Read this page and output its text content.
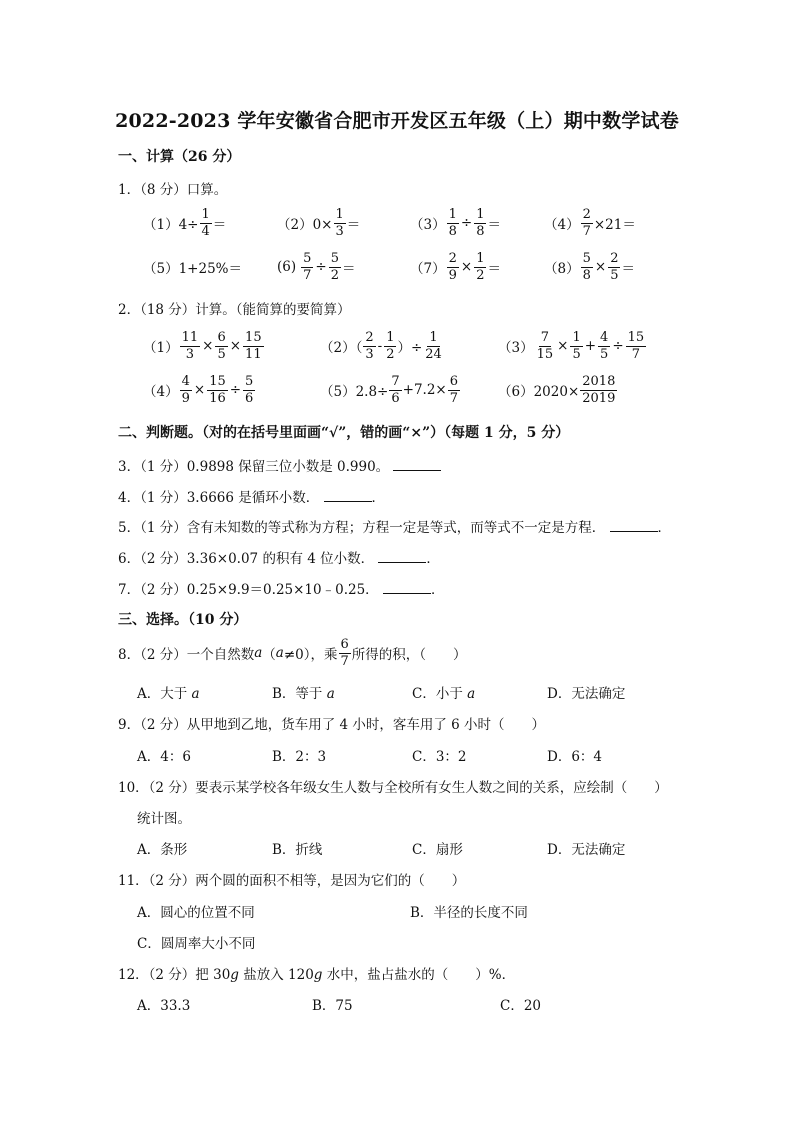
2022-2023 学年安徽省合肥市开发区五年级（上）期中数学试卷
一、计算（26 分）
1．（8 分）口算。
$(1)4\div \frac{1}{4}$ ＝	$(2)0\times \frac{1}{3}$ ＝	$(3) \frac{1}{8} \div \frac{1}{8}$ ＝	$(4) \frac{2}{7} \times 21=$
（5）1+25%＝	$(6) \frac{5}{7} \div \frac{5}{2}$ ＝	$(7) \frac{2}{9} \times \frac{1}{2}$ ＝	$(8) \frac{5}{8} \times \frac{2}{5}$ ＝
2．（18 分）计算。（能简算的要简算）
$(1) \frac{11}{3} \times \frac{6}{5} \times \frac{15}{11}$	$(2)( \frac{2}{3} - \frac{1}{2}$ ）÷ $\frac{1}{24}$	$(3) \frac{7}{15} \times \frac{1}{5} + \frac{4}{5} \div \frac{15}{7}$
$(4) \frac{4}{9} \times \frac{15}{16} \div \frac{5}{6}$	$(5)2.8\div \frac{7}{6} +7.2\times \frac{6}{7}$	$(6)2020\times \frac{2018}{2019}$
二、判断题。（对的在括号里面画“√”，错的画“×”）（每题 1 分，5 分）
3．（1 分）0.9898 保留三位小数是 0.990。
4．（1 分）3.6666 是循环小数．	．
5．（1 分）含有未知数的等式称为方程；方程一定是等式，而等式不一定是方程．	．
6．（2 分）3.36×0.07 的积有 4 位小数．	．
7．（2 分）0.25×9.9＝0.25×10﹣0.25．	．
三、选择。（10 分）
8．（2 分）一个自然数 a （ a ≠0），乘 $\frac{6}{7}$ 所得的积，（　　）
A．大于 a	B．等于 a	C．小于 a	D．无法确定
9．（2 分）从甲地到乙地，货车用了 4 小时，客车用了 6 小时（　　）
A．4：6	B．2：3	C．3：2	D．6：4
10．（2 分）要表示某学校各年级女生人数与全校所有女生人数之间的关系，应绘制（　　）
统计图。
A．条形	B．折线	C．扇形	D．无法确定
11．（2 分）两个圆的面积不相等，是因为它们的（　　）
A．圆心的位置不同	B．半径的长度不同
C．圆周率大小不同
12．（2 分）把 30g 盐放入 120g 水中，盐占盐水的（　　）%．
A．33.3	B．75	C．20
